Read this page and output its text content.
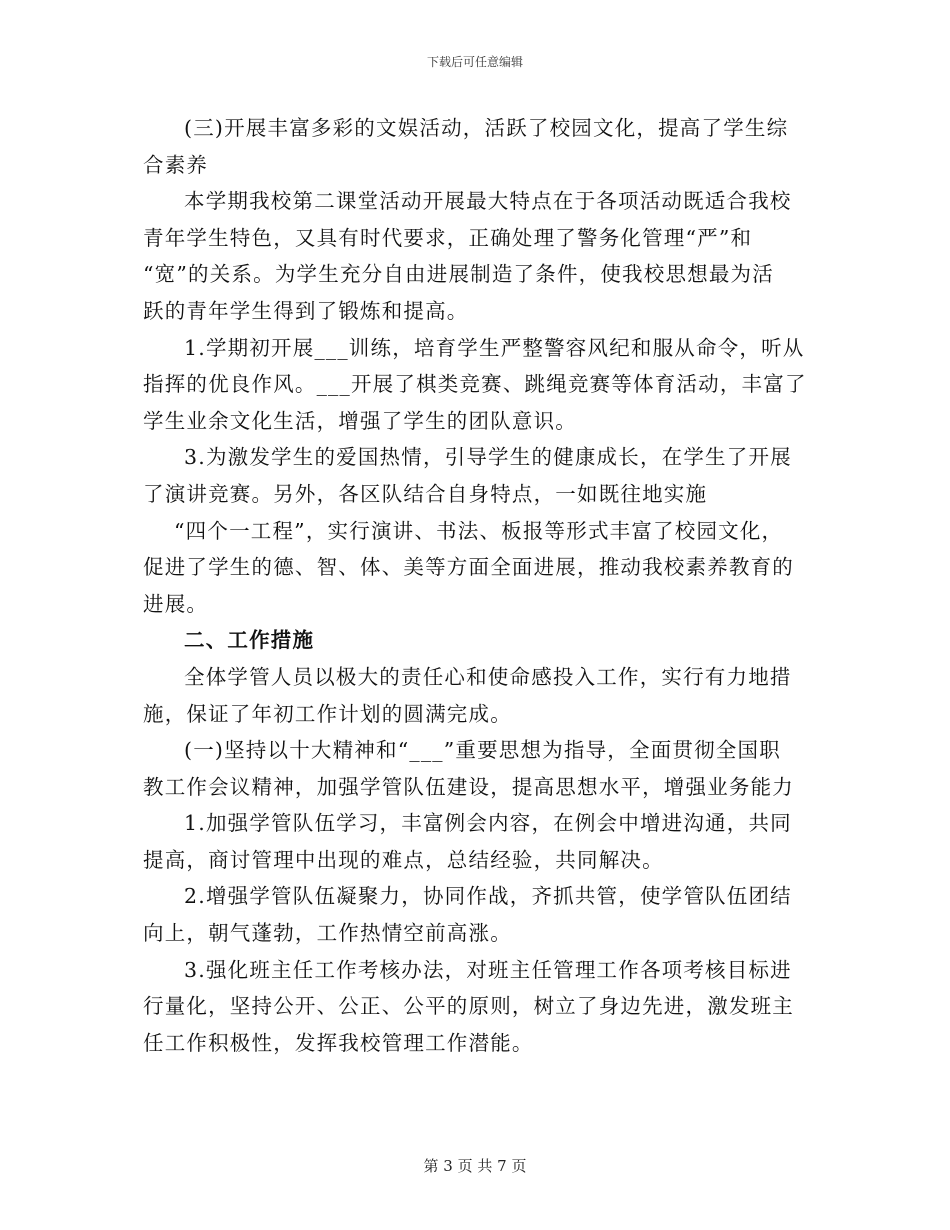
下载后可任意编辑
(三)开展丰富多彩的文娱活动，活跃了校园文化，提高了学生综
合素养
本学期我校第二课堂活动开展最大特点在于各项活动既适合我校
青年学生特色，又具有时代要求，正确处理了警务化管理“严”和
“宽”的关系。为学生充分自由进展制造了条件，使我校思想最为活
跃的青年学生得到了锻炼和提高。
1.学期初开展___训练，培育学生严整警容风纪和服从命令，听从
指挥的优良作风。___开展了棋类竞赛、跳绳竞赛等体育活动，丰富了
学生业余文化生活，增强了学生的团队意识。
3.为激发学生的爱国热情，引导学生的健康成长，在学生了开展
了演讲竞赛。另外，各区队结合自身特点，一如既往地实施
“四个一工程”，实行演讲、书法、板报等形式丰富了校园文化，
促进了学生的德、智、体、美等方面全面进展，推动我校素养教育的
进展。
二、工作措施
全体学管人员以极大的责任心和使命感投入工作，实行有力地措
施，保证了年初工作计划的圆满完成。
(一)坚持以十大精神和“___”重要思想为指导，全面贯彻全国职
教工作会议精神，加强学管队伍建设，提高思想水平，增强业务能力
1.加强学管队伍学习，丰富例会内容，在例会中增进沟通，共同
提高，商讨管理中出现的难点，总结经验，共同解决。
2.增强学管队伍凝聚力，协同作战，齐抓共管，使学管队伍团结
向上，朝气蓬勃，工作热情空前高涨。
3.强化班主任工作考核办法，对班主任管理工作各项考核目标进
行量化，坚持公开、公正、公平的原则，树立了身边先进，激发班主
任工作积极性，发挥我校管理工作潜能。
第 3 页 共 7 页
